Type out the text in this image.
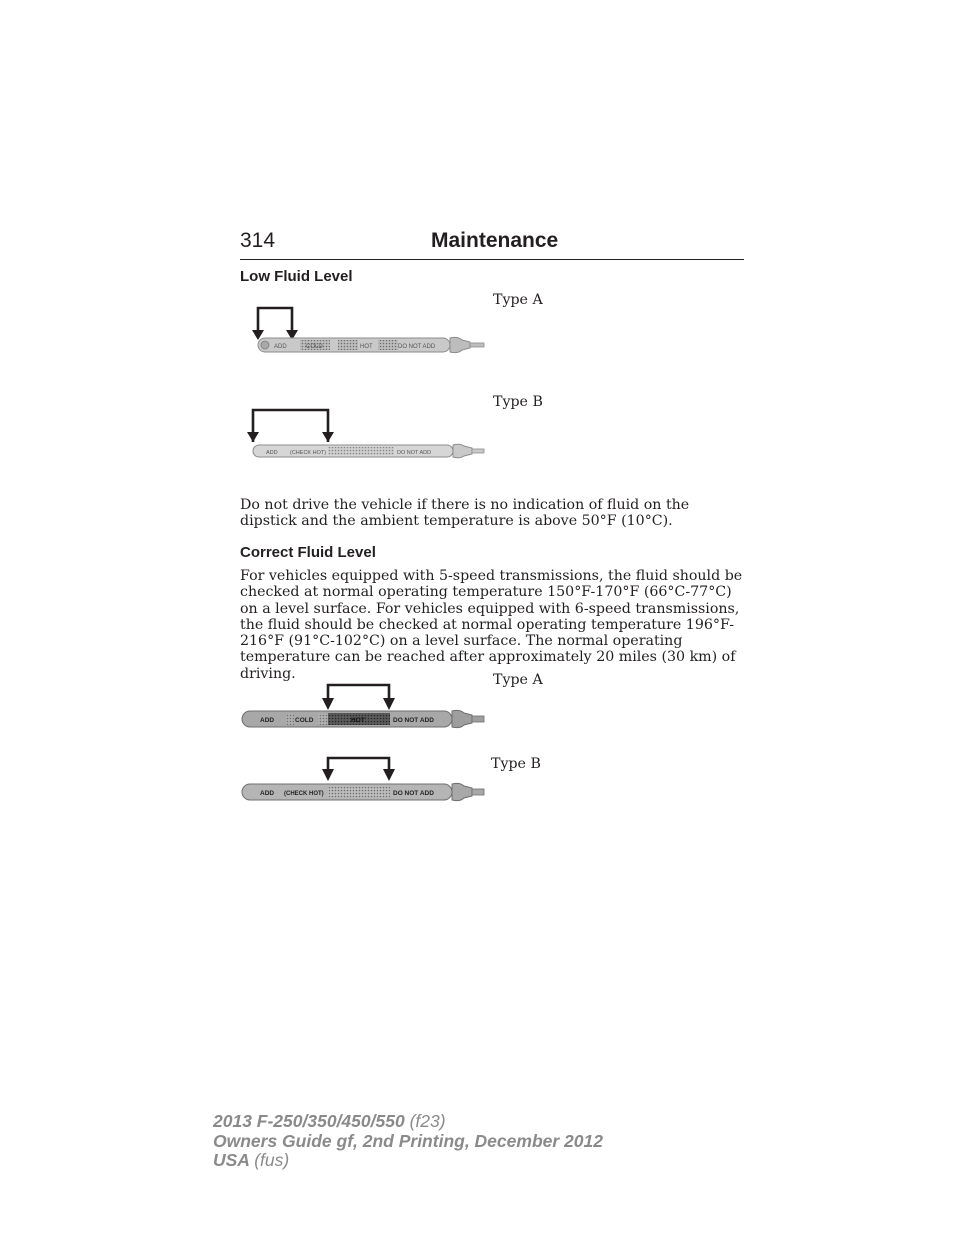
314	Maintenance
Low Fluid Level
Type A
ADD	COLD	HOT	DO NOT ADD
Type B
ADD (CHECK HOT)	DO NOT ADD
Do not drive the vehicle if there is no indication of fluid on the dipstick and the ambient temperature is above 50°F (10°C).
Correct Fluid Level
For vehicles equipped with 5-speed transmissions, the fluid should be checked at normal operating temperature 150°F-170°F (66°C-77°C) on a level surface. For vehicles equipped with 6-speed transmissions, the fluid should be checked at normal operating temperature 196°F-216°F (91°C-102°C) on a level surface. The normal operating temperature can be reached after approximately 20 miles (30 km) of driving.	Type A
ADD	COLD	HOT	DO NOT ADD
Type B
ADD (CHECK HOT)	DO NOT ADD
2013 F-250/350/450/550 (f23)
Owners Guide gf, 2nd Printing, December 2012
USA (fus)
